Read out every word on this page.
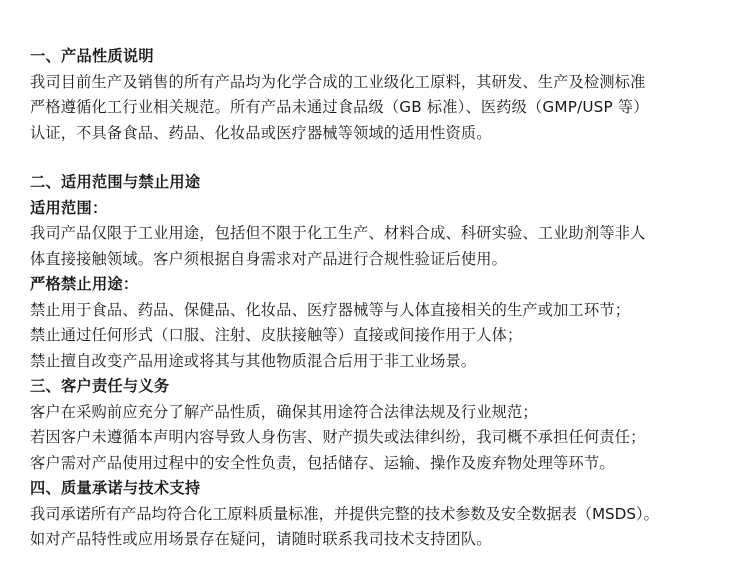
一、产品性质说明
我司目前生产及销售的所有产品均为化学合成的工业级化工原料，其研发、生产及检测标准
严格遵循化工行业相关规范。所有产品未通过食品级（GB 标准）、医药级（GMP/USP 等）
认证，不具备食品、药品、化妆品或医疗器械等领域的适用性资质。
二、适用范围与禁止用途
适用范围：
我司产品仅限于工业用途，包括但不限于化工生产、材料合成、科研实验、工业助剂等非人
体直接接触领域。客户须根据自身需求对产品进行合规性验证后使用。
严格禁止用途：
禁止用于食品、药品、保健品、化妆品、医疗器械等与人体直接相关的生产或加工环节；
禁止通过任何形式（口服、注射、皮肤接触等）直接或间接作用于人体；
禁止擅自改变产品用途或将其与其他物质混合后用于非工业场景。
三、客户责任与义务
客户在采购前应充分了解产品性质，确保其用途符合法律法规及行业规范；
若因客户未遵循本声明内容导致人身伤害、财产损失或法律纠纷，我司概不承担任何责任；
客户需对产品使用过程中的安全性负责，包括储存、运输、操作及废弃物处理等环节。
四、质量承诺与技术支持
我司承诺所有产品均符合化工原料质量标准，并提供完整的技术参数及安全数据表（MSDS）。
如对产品特性或应用场景存在疑问，请随时联系我司技术支持团队。
